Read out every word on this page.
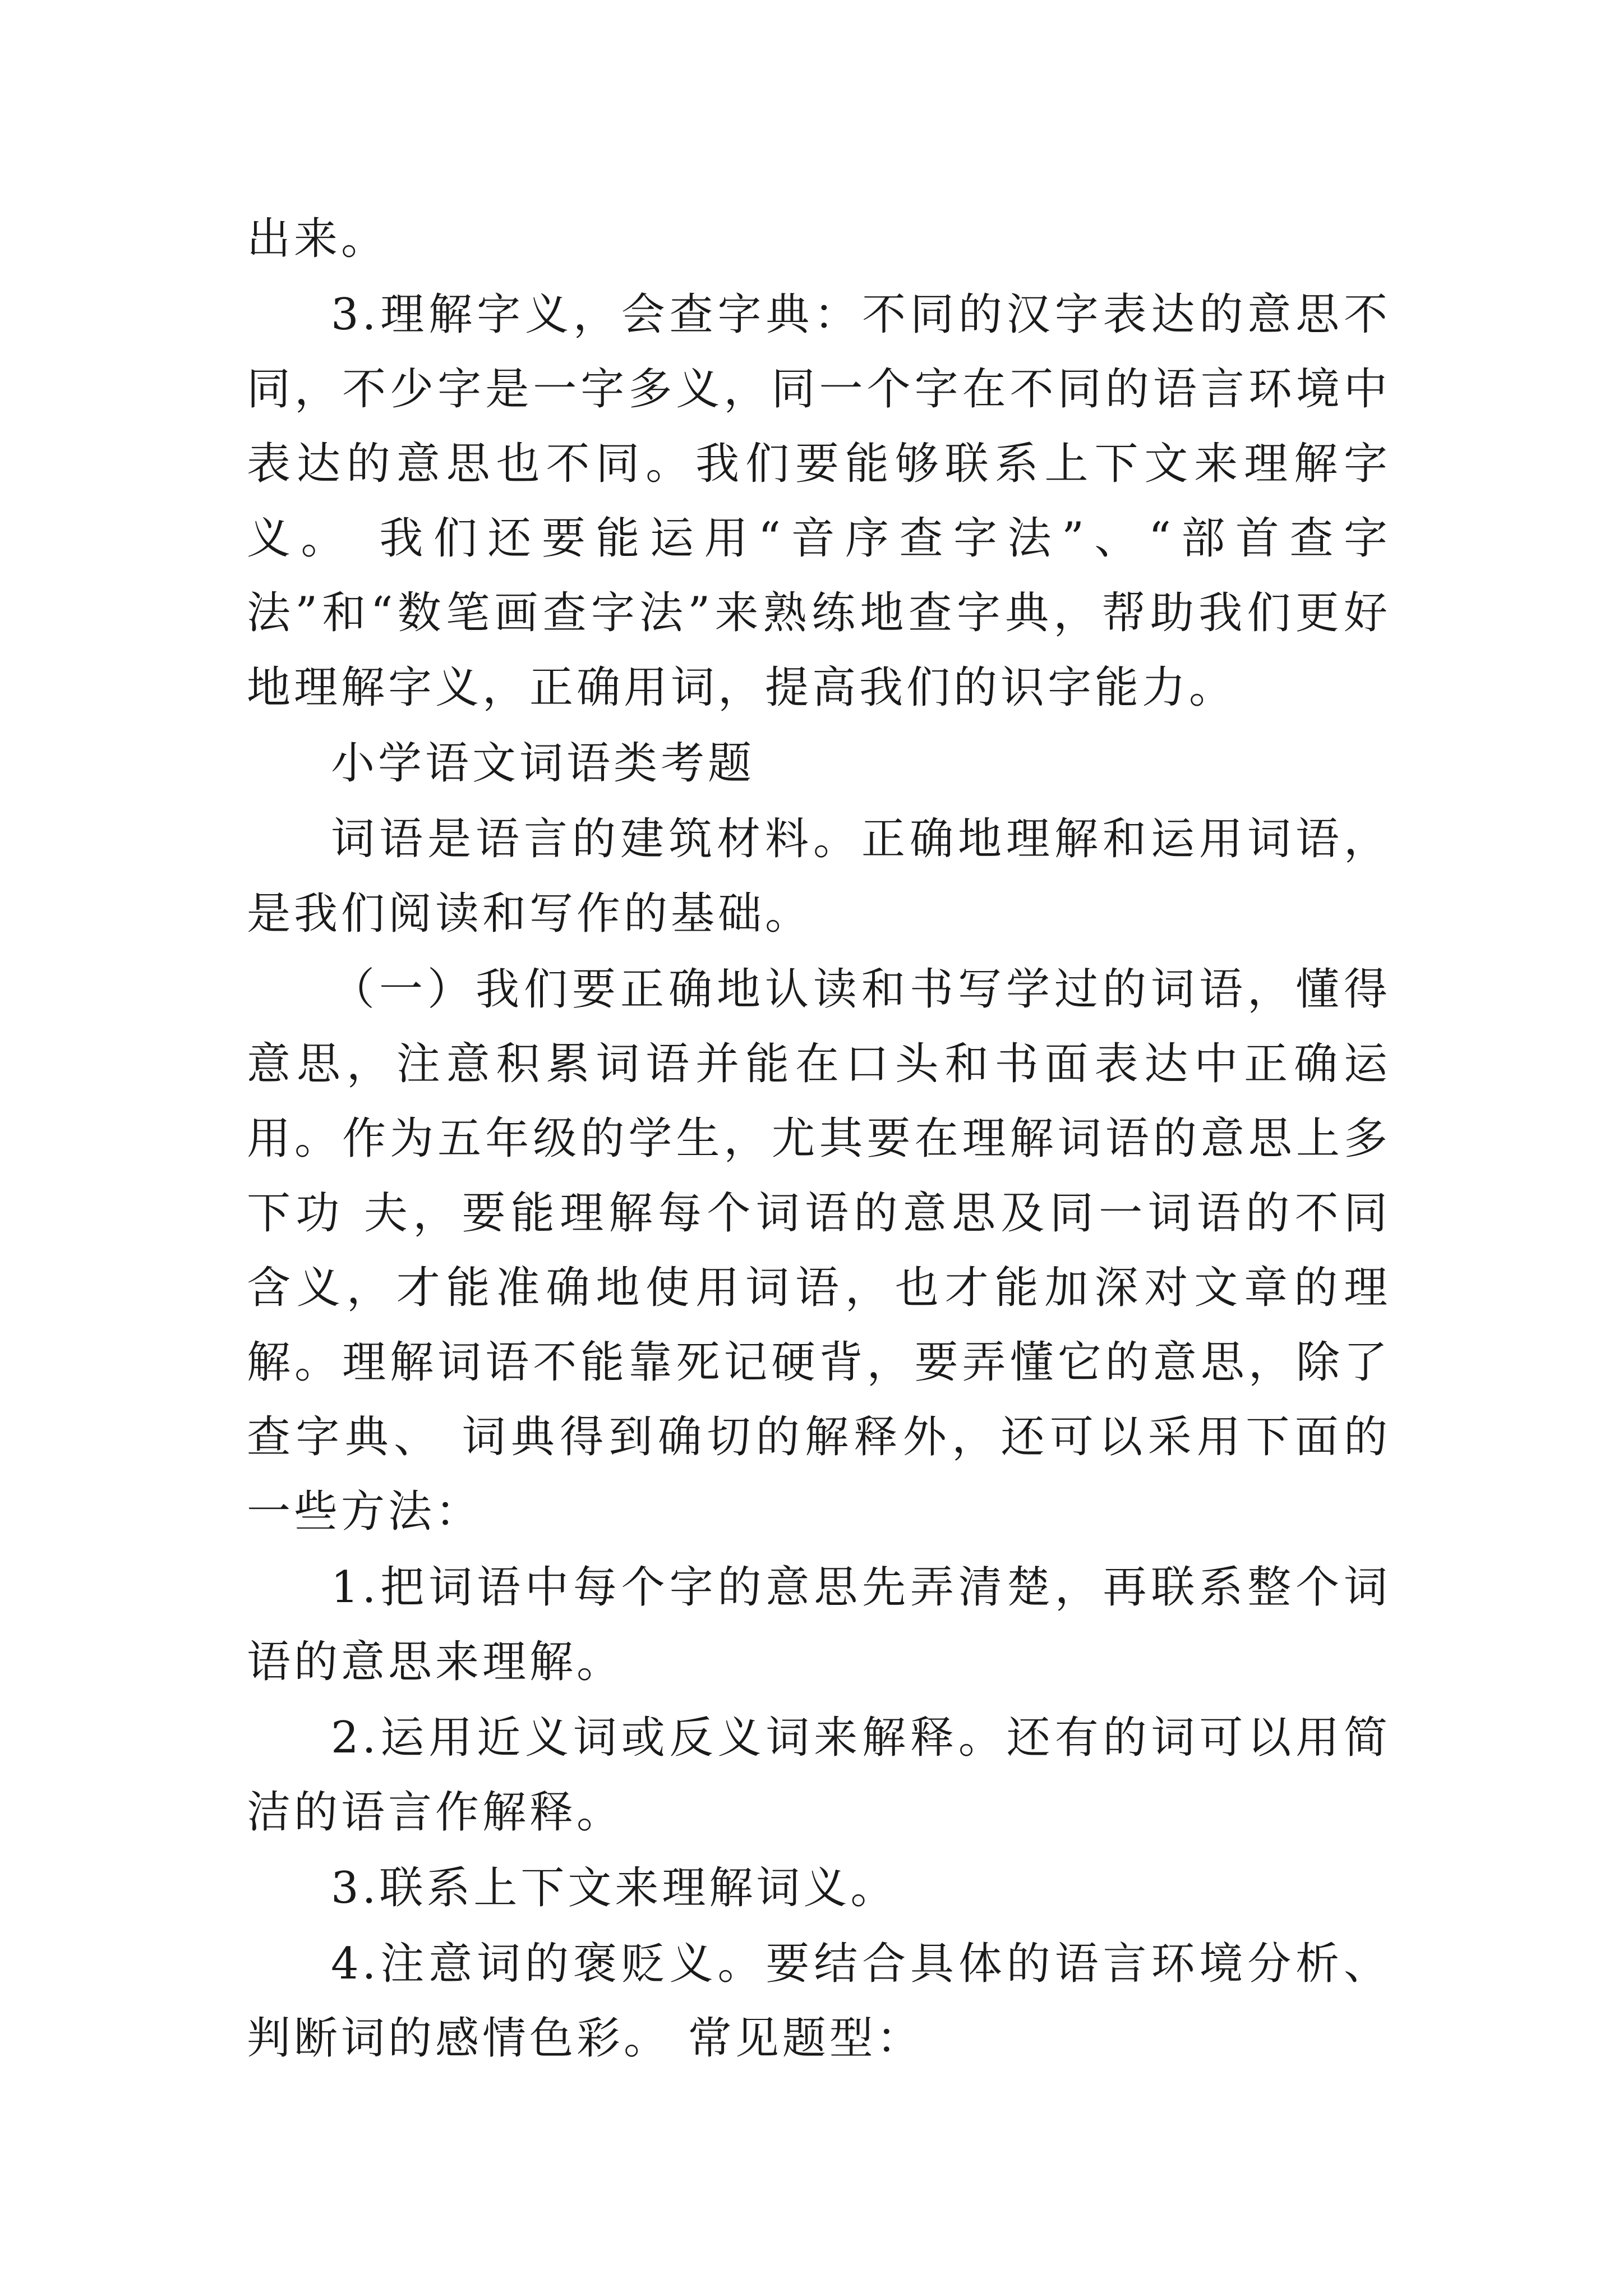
出来。

3.理解字义，会查字典：不同的汉字表达的意思不同，不少字是一字多义，同一个字在不同的语言环境中表达的意思也不同。我们要能够联系上下文来理解字义。 我们还要能运用“音序查字法”、“部首查字法”和“数笔画查字法”来熟练地查字典，帮助我们更好地理解字义，正确用词，提高我们的识字能力。

小学语文词语类考题

词语是语言的建筑材料。正确地理解和运用词语，是我们阅读和写作的基础。

（一）我们要正确地认读和书写学过的词语，懂得意思，注意积累词语并能在口头和书面表达中正确运用。作为五年级的学生，尤其要在理解词语的意思上多下功 夫，要能理解每个词语的意思及同一词语的不同含义，才能准确地使用词语，也才能加深对文章的理解。理解词语不能靠死记硬背，要弄懂它的意思，除了查字典、 词典得到确切的解释外，还可以采用下面的一些方法：

1.把词语中每个字的意思先弄清楚，再联系整个词语的意思来理解。

2.运用近义词或反义词来解释。还有的词可以用简洁的语言作解释。

3.联系上下文来理解词义。

4.注意词的褒贬义。要结合具体的语言环境分析、判断词的感情色彩。 常见题型：
